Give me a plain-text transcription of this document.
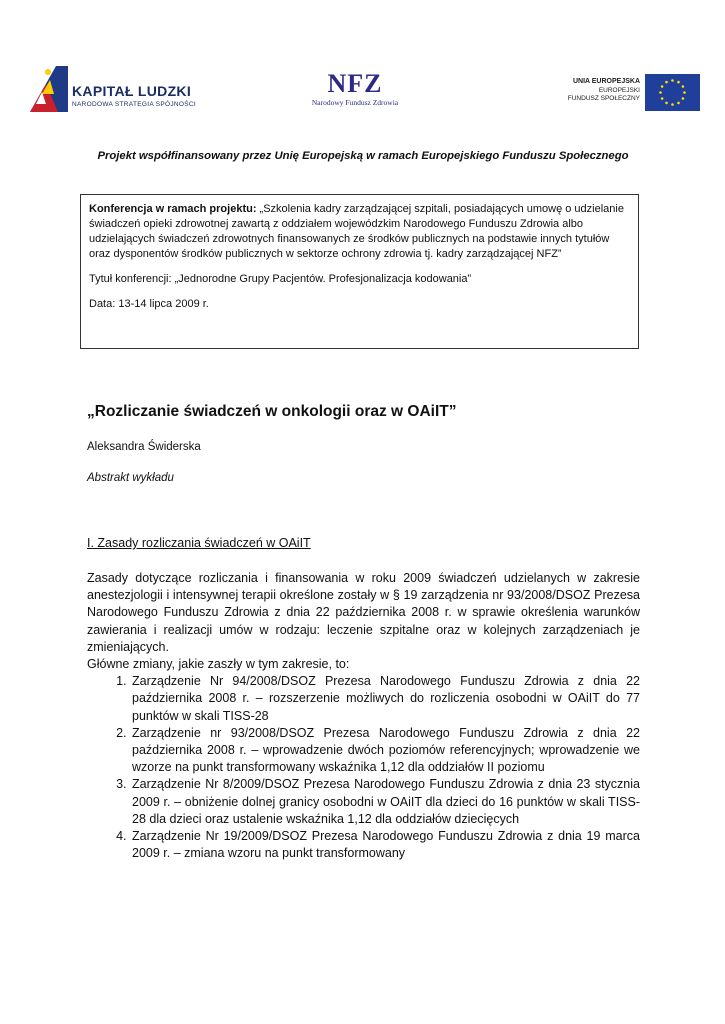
KAPITAŁ LUDZKI
NARODOWA STRATEGIA SPÓJNOŚCI
NFZ
Narodowy Fundusz Zdrowia
UNIA EUROPEJSKA
EUROPEJSKI
FUNDUSZ SPOŁECZNY

Projekt współfinansowany przez Unię Europejską w ramach Europejskiego Funduszu Społecznego

Konferencja w ramach projektu: „Szkolenia kadry zarządzającej szpitali, posiadających umowę o udzielanie świadczeń opieki zdrowotnej zawartą z oddziałem wojewódzkim Narodowego Funduszu Zdrowia albo udzielających świadczeń zdrowotnych finansowanych ze środków publicznych na podstawie innych tytułów oraz dysponentów środków publicznych w sektorze ochrony zdrowia tj. kadry zarządzającej NFZ”

Tytuł konferencji: „Jednorodne Grupy Pacjentów. Profesjonalizacja kodowania”

Data: 13-14 lipca 2009 r.

„Rozliczanie świadczeń w onkologii oraz w OAiIT”

Aleksandra Świderska

Abstrakt wykładu

I. Zasady rozliczania świadczeń w OAiIT

Zasady dotyczące rozliczania i finansowania w roku 2009 świadczeń udzielanych w zakresie anestezjologii i intensywnej terapii określone zostały w § 19 zarządzenia nr 93/2008/DSOZ Prezesa Narodowego Funduszu Zdrowia z dnia 22 października 2008 r. w sprawie określenia warunków zawierania i realizacji umów w rodzaju: leczenie szpitalne oraz w kolejnych zarządzeniach je zmieniających.

Główne zmiany, jakie zaszły w tym zakresie, to:

1. Zarządzenie Nr 94/2008/DSOZ Prezesa Narodowego Funduszu Zdrowia z dnia 22 października 2008 r. – rozszerzenie możliwych do rozliczenia osobodni w OAiIT do 77 punktów w skali TISS-28
2. Zarządzenie nr 93/2008/DSOZ Prezesa Narodowego Funduszu Zdrowia z dnia 22 października 2008 r. – wprowadzenie dwóch poziomów referencyjnych; wprowadzenie we wzorze na punkt transformowany wskaźnika 1,12 dla oddziałów II poziomu
3. Zarządzenie Nr 8/2009/DSOZ Prezesa Narodowego Funduszu Zdrowia z dnia 23 stycznia 2009 r. – obniżenie dolnej granicy osobodni w OAiIT dla dzieci do 16 punktów w skali TISS-28 dla dzieci oraz ustalenie wskaźnika 1,12 dla oddziałów dziecięcych
4. Zarządzenie Nr 19/2009/DSOZ Prezesa Narodowego Funduszu Zdrowia z dnia 19 marca 2009 r. – zmiana wzoru na punkt transformowany
